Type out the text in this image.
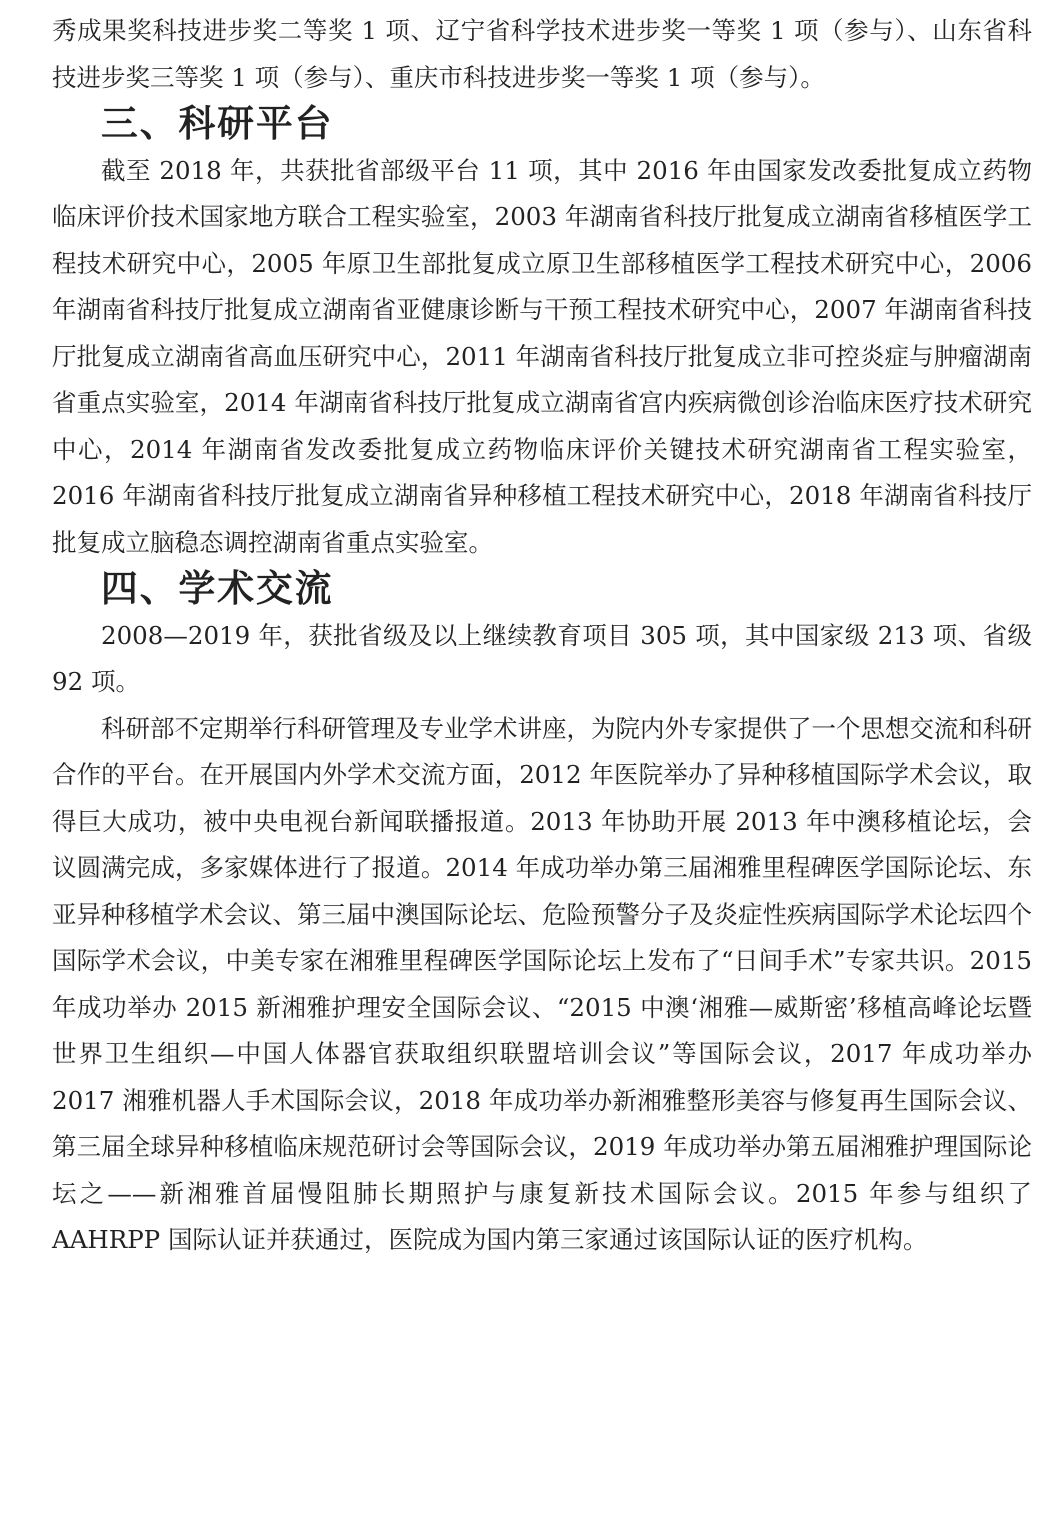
秀成果奖科技进步奖二等奖 1 项、辽宁省科学技术进步奖一等奖 1 项（参与）、山东省科技进步奖三等奖 1 项（参与）、重庆市科技进步奖一等奖 1 项（参与）。

三、科研平台

截至 2018 年，共获批省部级平台 11 项，其中 2016 年由国家发改委批复成立药物临床评价技术国家地方联合工程实验室，2003 年湖南省科技厅批复成立湖南省移植医学工程技术研究中心，2005 年原卫生部批复成立原卫生部移植医学工程技术研究中心，2006 年湖南省科技厅批复成立湖南省亚健康诊断与干预工程技术研究中心，2007 年湖南省科技厅批复成立湖南省高血压研究中心，2011 年湖南省科技厅批复成立非可控炎症与肿瘤湖南省重点实验室，2014 年湖南省科技厅批复成立湖南省宫内疾病微创诊治临床医疗技术研究中心，2014 年湖南省发改委批复成立药物临床评价关键技术研究湖南省工程实验室，2016 年湖南省科技厅批复成立湖南省异种移植工程技术研究中心，2018 年湖南省科技厅批复成立脑稳态调控湖南省重点实验室。

四、学术交流

2008—2019 年，获批省级及以上继续教育项目 305 项，其中国家级 213 项、省级 92 项。

科研部不定期举行科研管理及专业学术讲座，为院内外专家提供了一个思想交流和科研合作的平台。在开展国内外学术交流方面，2012 年医院举办了异种移植国际学术会议，取得巨大成功，被中央电视台新闻联播报道。2013 年协助开展 2013 年中澳移植论坛，会议圆满完成，多家媒体进行了报道。2014 年成功举办第三届湘雅里程碑医学国际论坛、东亚异种移植学术会议、第三届中澳国际论坛、危险预警分子及炎症性疾病国际学术论坛四个国际学术会议，中美专家在湘雅里程碑医学国际论坛上发布了“日间手术”专家共识。2015 年成功举办 2015 新湘雅护理安全国际会议、“2015 中澳‘湘雅—威斯密’移植高峰论坛暨世界卫生组织—中国人体器官获取组织联盟培训会议”等国际会议，2017 年成功举办 2017 湘雅机器人手术国际会议，2018 年成功举办新湘雅整形美容与修复再生国际会议、第三届全球异种移植临床规范研讨会等国际会议，2019 年成功举办第五届湘雅护理国际论坛之——新湘雅首届慢阻肺长期照护与康复新技术国际会议。2015 年参与组织了 AAHRPP 国际认证并获通过，医院成为国内第三家通过该国际认证的医疗机构。
